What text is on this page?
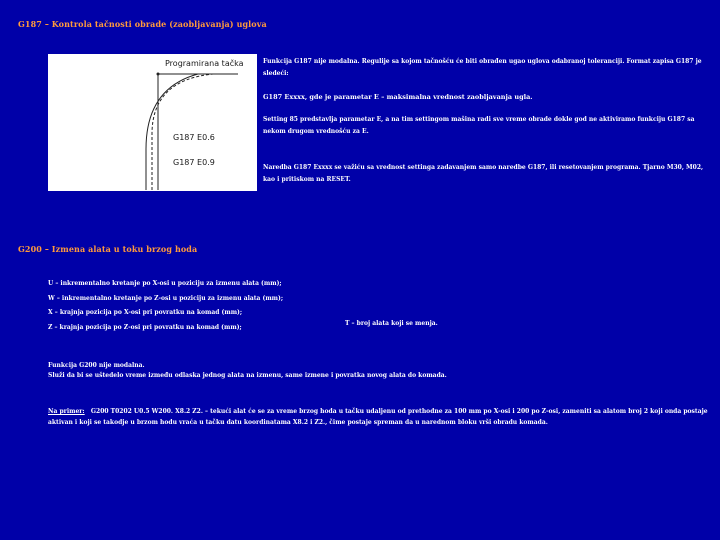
G187 – Kontrola tačnosti obrade (zaobljavanja) uglova
Programirana tačka
G187 E0.6
G187 E0.9
Funkcija G187 nije modalna. Regulije sa kojom tačnošću će biti obrađen ugao uglova odabranoj toleranciji. Format zapisa G187 je sledeći:
G187 Exxxx, gde je parametar E – maksimalna vrednost zaobljavanja ugla.
Setting 85 predstavlja parametar E, a na tim settingom mašina radi sve vreme obrade dokle god ne aktiviramo funkciju G187 sa nekom drugom vrednošću za E.
Naredba G187 Exxxx se važiću sa vrednost settinga zadavanjem samo naredbe G187, ili resetovanjem programa. Tjarno M30, M02, kao i pritiskom na RESET.
G200 – Izmena alata u toku brzog hoda
U – inkrementalno kretanje po X-osi u poziciju za izmenu alata (mm);
W – inkrementalno kretanje po Z-osi u poziciju za izmenu alata (mm);
X – krajnja pozicija po X-osi pri povratku na komad (mm);
Z – krajnja pozicija po Z-osi pri povratku na komad (mm);
T – broj alata koji se menja.
Funkcija G200 nije modalna.
Služi da bi se uštedelo vreme između odlaska jednog alata na izmenu, same izmene i povratka novog alata do komada.
Na primer: G200 T0202 U0.5 W200. X8.2 Z2. – tekući alat će se za vreme brzog hoda u tačku udaljenu od prethodne za 100 mm po X-osi i 200 po Z-osi, zameniti sa alatom broj 2 koji onda postaje aktivan i koji se takodje u brzom hodu vraća u tačku datu koordinatama X8.2 i Z2., čime postaje spreman da u narednom bloku vrši obradu komada.
